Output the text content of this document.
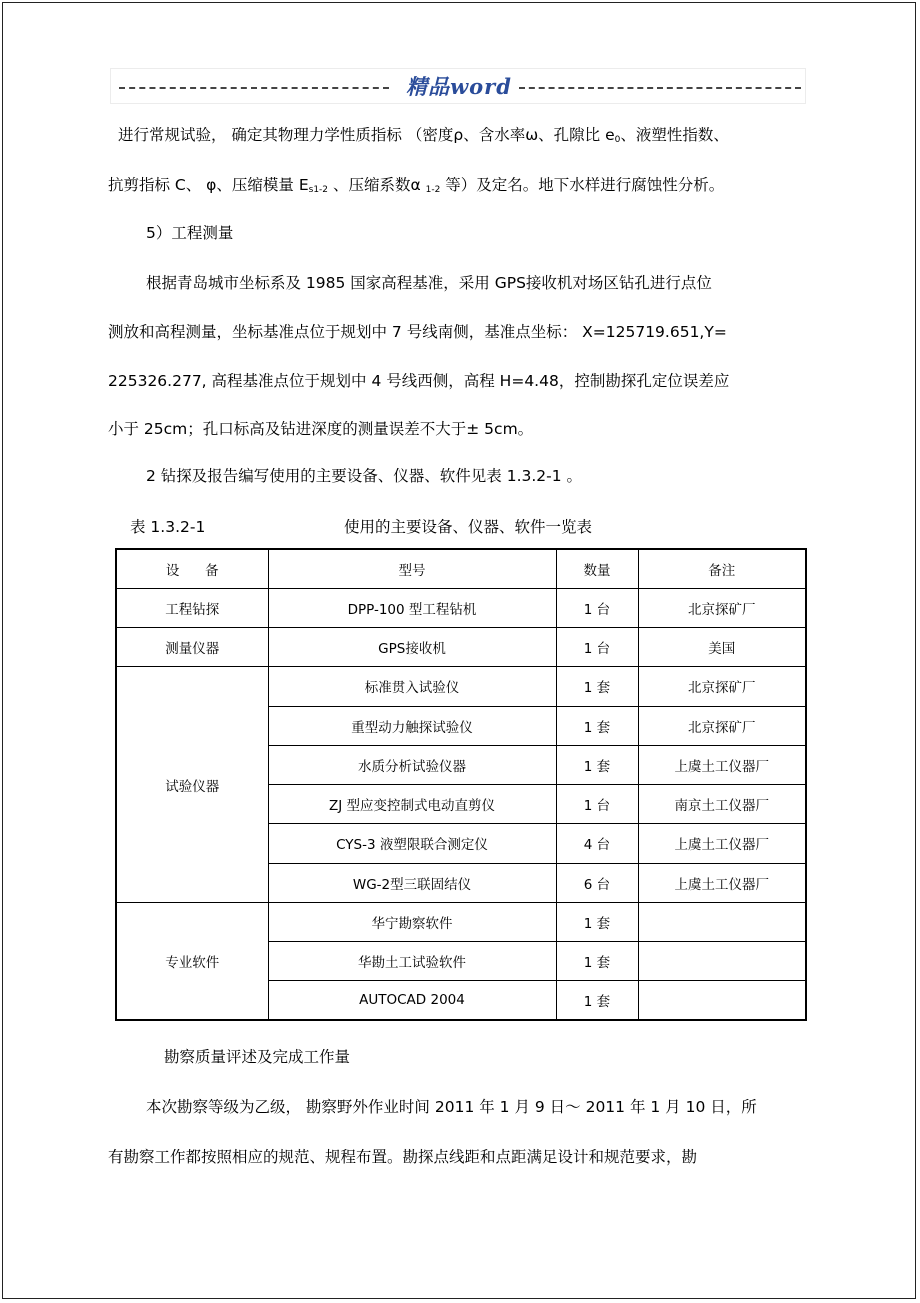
精品word
进行常规试验， 确定其物理力学性质指标 （密度ρ、含水率ω、孔隙比 e0、液塑性指数、
抗剪指标 C、 φ、压缩模量 Es1-2 、压缩系数α 1-2 等）及定名。地下水样进行腐蚀性分析。
5）工程测量
根据青岛城市坐标系及 1985 国家高程基准，采用 GPS接收机对场区钻孔进行点位
测放和高程测量，坐标基准点位于规划中 7 号线南侧，基准点坐标： X=125719.651,Y=
225326.277, 高程基准点位于规划中 4 号线西侧，高程 H=4.48，控制勘探孔定位误差应
小于 25cm；孔口标高及钻进深度的测量误差不大于± 5cm。
2 钻探及报告编写使用的主要设备、仪器、软件见表 1.3.2-1 。
表 1.3.2-1	使用的主要设备、仪器、软件一览表
设      备	型号	数量	备注
工程钻探	DPP-100 型工程钻机	1 台	北京探矿厂
测量仪器	GPS接收机	1 台	美国
试验仪器	标准贯入试验仪	1 套	北京探矿厂
	重型动力触探试验仪	1 套	北京探矿厂
	水质分析试验仪器	1 套	上虞土工仪器厂
	ZJ 型应变控制式电动直剪仪	1 台	南京土工仪器厂
	CYS-3 液塑限联合测定仪	4 台	上虞土工仪器厂
	WG-2型三联固结仪	6 台	上虞土工仪器厂
专业软件	华宁勘察软件	1 套	
	华勘土工试验软件	1 套	
	AUTOCAD 2004	1 套	
勘察质量评述及完成工作量
本次勘察等级为乙级， 勘察野外作业时间 2011 年 1 月 9 日～ 2011 年 1 月 10 日，所
有勘察工作都按照相应的规范、规程布置。勘探点线距和点距满足设计和规范要求，勘
